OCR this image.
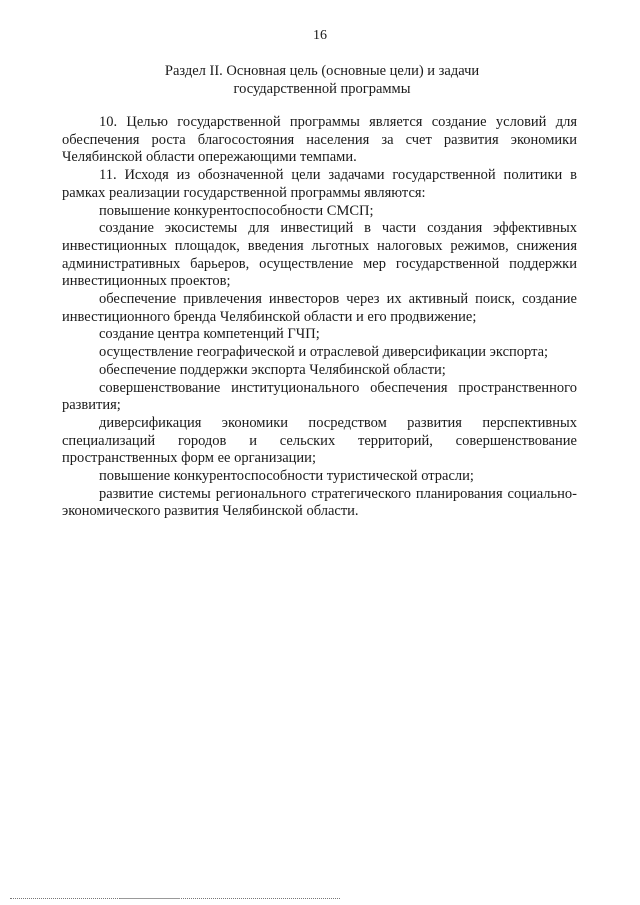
16
Раздел II. Основная цель (основные цели) и задачи
государственной программы

10. Целью государственной программы является создание условий для обеспечения роста благосостояния населения за счет развития экономики Челябинской области опережающими темпами.

11. Исходя из обозначенной цели задачами государственной политики в рамках реализации государственной программы являются:

повышение конкурентоспособности СМСП;

создание экосистемы для инвестиций в части создания эффективных инвестиционных площадок, введения льготных налоговых режимов, снижения административных барьеров, осуществление мер государственной поддержки инвестиционных проектов;

обеспечение привлечения инвесторов через их активный поиск, создание инвестиционного бренда Челябинской области и его продвижение;

создание центра компетенций ГЧП;

осуществление географической и отраслевой диверсификации экспорта;

обеспечение поддержки экспорта Челябинской области;

совершенствование институционального обеспечения пространственного развития;

диверсификация экономики посредством развития перспективных специализаций городов и сельских территорий, совершенствование пространственных форм ее организации;

повышение конкурентоспособности туристической отрасли;

развитие системы регионального стратегического планирования социально-экономического развития Челябинской области.
